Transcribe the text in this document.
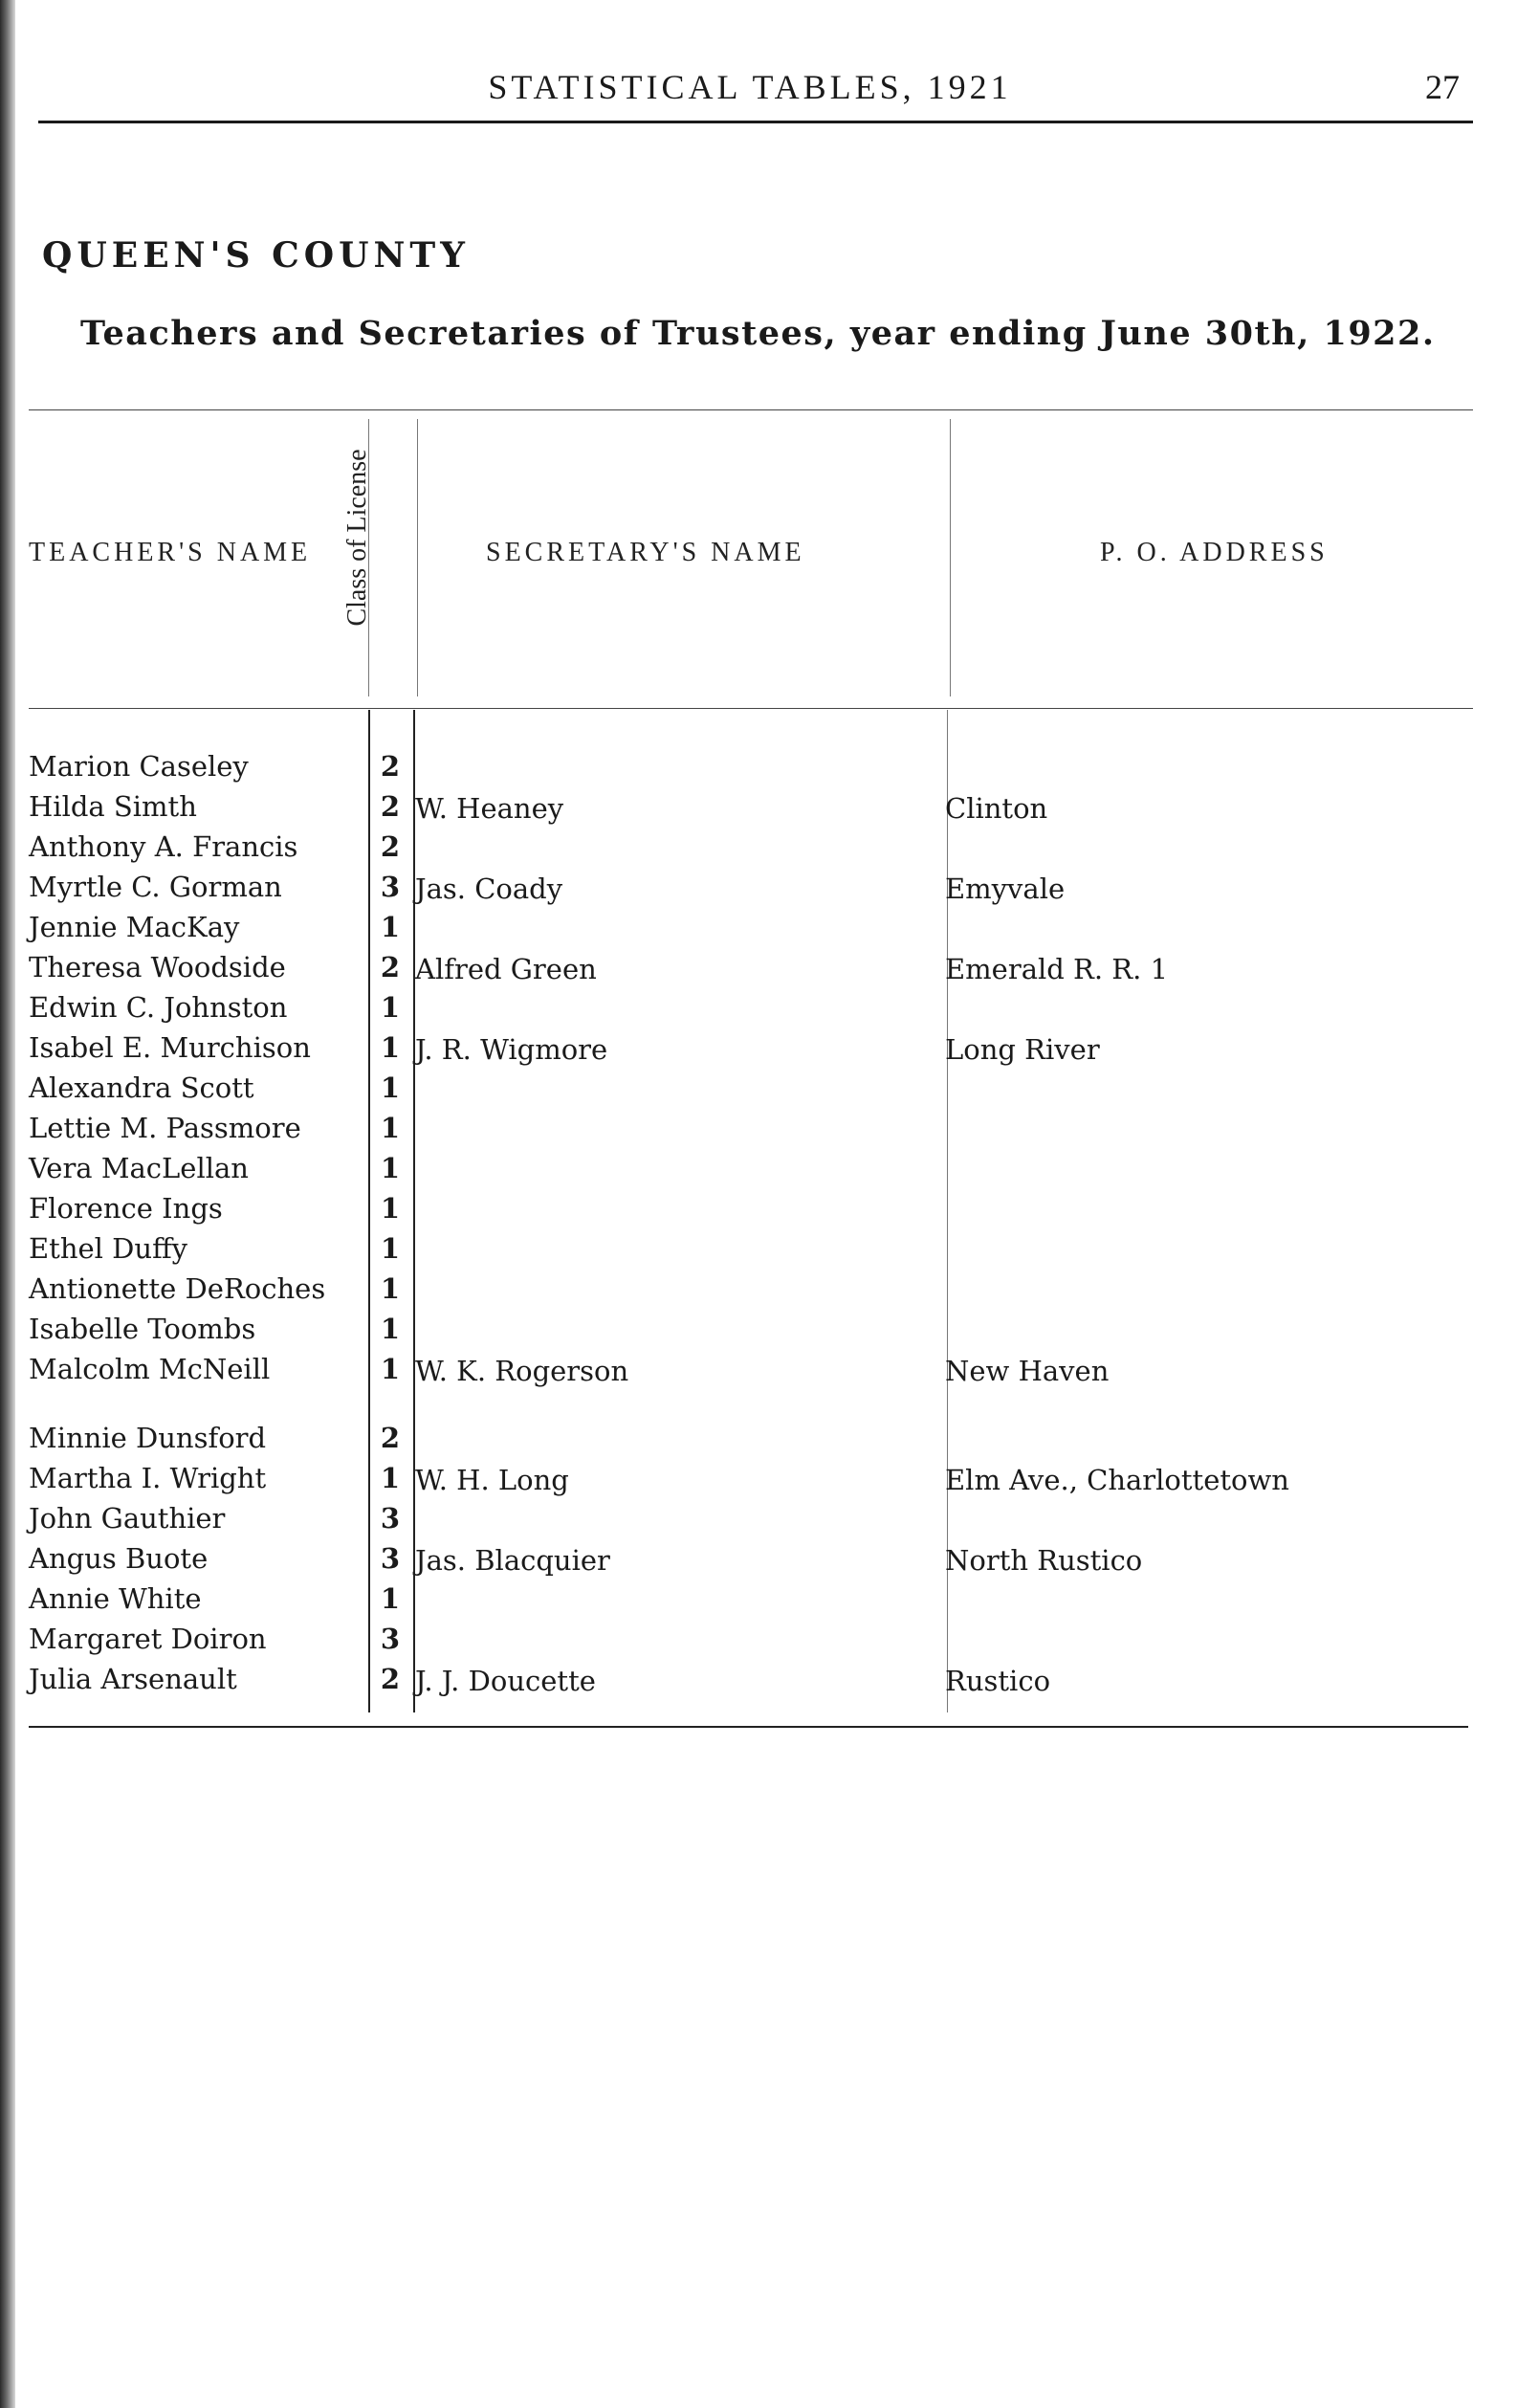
STATISTICAL TABLES, 1921	27
QUEEN'S COUNTY
Teachers and Secretaries of Trustees, year ending June 30th, 1922.
TEACHER'S NAME Class of License	SECRETARY'S NAME	P. O. ADDRESS
Marion Caseley	2		
Hilda Simth	2	W. Heaney	Clinton
Anthony A. Francis	2		
Myrtle C. Gorman	3	Jas. Coady	Emyvale
Jennie MacKay	1		
Theresa Woodside	2	Alfred Green	Emerald R. R. 1
Edwin C. Johnston	1		
Isabel E. Murchison	1	J. R. Wigmore	Long River
Alexandra Scott	1		
Lettie M. Passmore	1		
Vera MacLellan	1		
Florence Ings	1		
Ethel Duffy	1		
Antionette DeRoches	1		
Isabelle Toombs	1		
Malcolm McNeill	1	W. K. Rogerson	New Haven

Minnie Dunsford	2		
Martha I. Wright	1	W. H. Long	Elm Ave., Charlottetown
John Gauthier	3		
Angus Buote	3	Jas. Blacquier	North Rustico
Annie White	1		
Margaret Doiron	3		
Julia Arsenault	2	J. J. Doucette	Rustico
